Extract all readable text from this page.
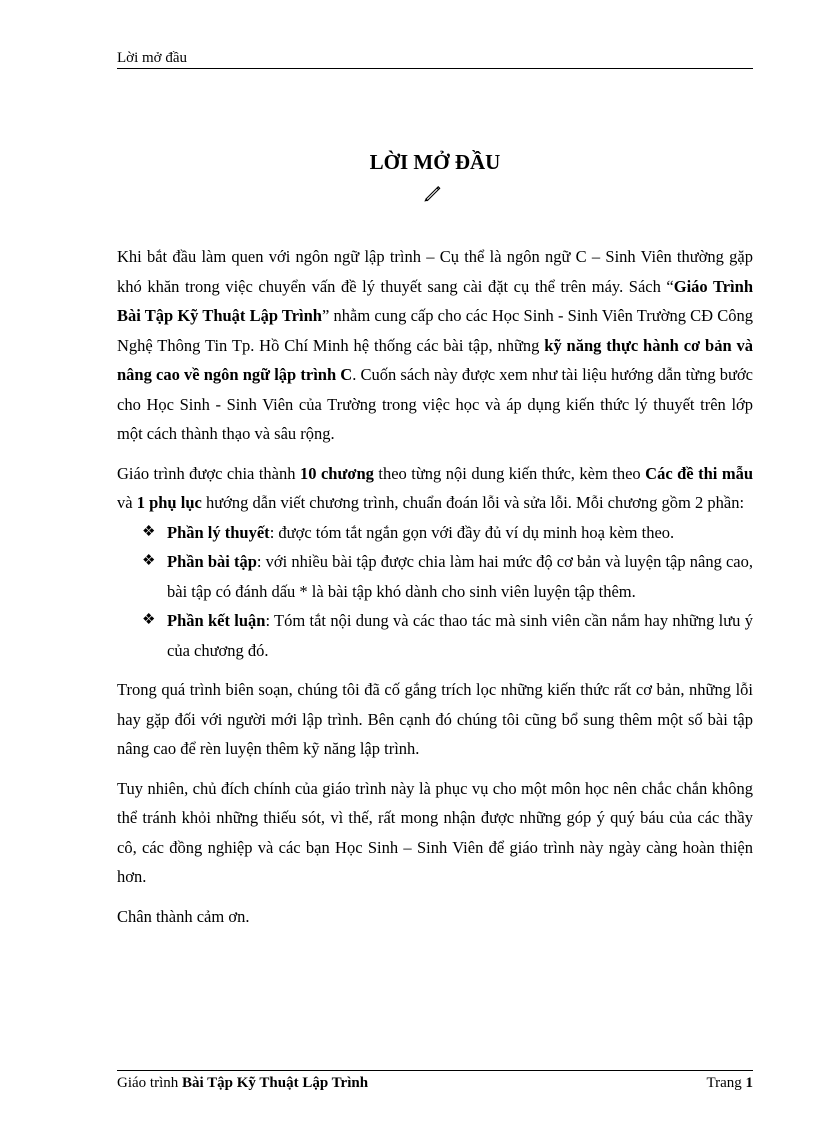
Lời mở đầu
LỜI MỞ ĐẦU

Khi bắt đầu làm quen với ngôn ngữ lập trình – Cụ thể là ngôn ngữ C – Sinh Viên thường gặp khó khăn trong việc chuyển vấn đề lý thuyết sang cài đặt cụ thể trên máy. Sách “Giáo Trình Bài Tập Kỹ Thuật Lập Trình” nhằm cung cấp cho các Học Sinh - Sinh Viên Trường CĐ Công Nghệ Thông Tin Tp. Hồ Chí Minh hệ thống các bài tập, những kỹ năng thực hành cơ bản và nâng cao về ngôn ngữ lập trình C. Cuốn sách này được xem như tài liệu hướng dẫn từng bước cho Học Sinh - Sinh Viên của Trường trong việc học và áp dụng kiến thức lý thuyết trên lớp một cách thành thạo và sâu rộng.

Giáo trình được chia thành 10 chương theo từng nội dung kiến thức, kèm theo Các đề thi mẫu và 1 phụ lục hướng dẫn viết chương trình, chuẩn đoán lỗi và sửa lỗi. Mỗi chương gồm 2 phần:

❖ Phần lý thuyết: được tóm tắt ngắn gọn với đầy đủ ví dụ minh hoạ kèm theo.
❖ Phần bài tập: với nhiều bài tập được chia làm hai mức độ cơ bản và luyện tập nâng cao, bài tập có đánh dấu * là bài tập khó dành cho sinh viên luyện tập thêm.
❖ Phần kết luận: Tóm tắt nội dung và các thao tác mà sinh viên cần nắm hay những lưu ý của chương đó.

Trong quá trình biên soạn, chúng tôi đã cố gắng trích lọc những kiến thức rất cơ bản, những lỗi hay gặp đối với người mới lập trình. Bên cạnh đó chúng tôi cũng bổ sung thêm một số bài tập nâng cao để rèn luyện thêm kỹ năng lập trình.

Tuy nhiên, chủ đích chính của giáo trình này là phục vụ cho một môn học nên chắc chắn không thể tránh khỏi những thiếu sót, vì thế, rất mong nhận được những góp ý quý báu của các thầy cô, các đồng nghiệp và các bạn Học Sinh – Sinh Viên để giáo trình này ngày càng hoàn thiện hơn.

Chân thành cảm ơn.

Giáo trình Bài Tập Kỹ Thuật Lập Trình	Trang 1
